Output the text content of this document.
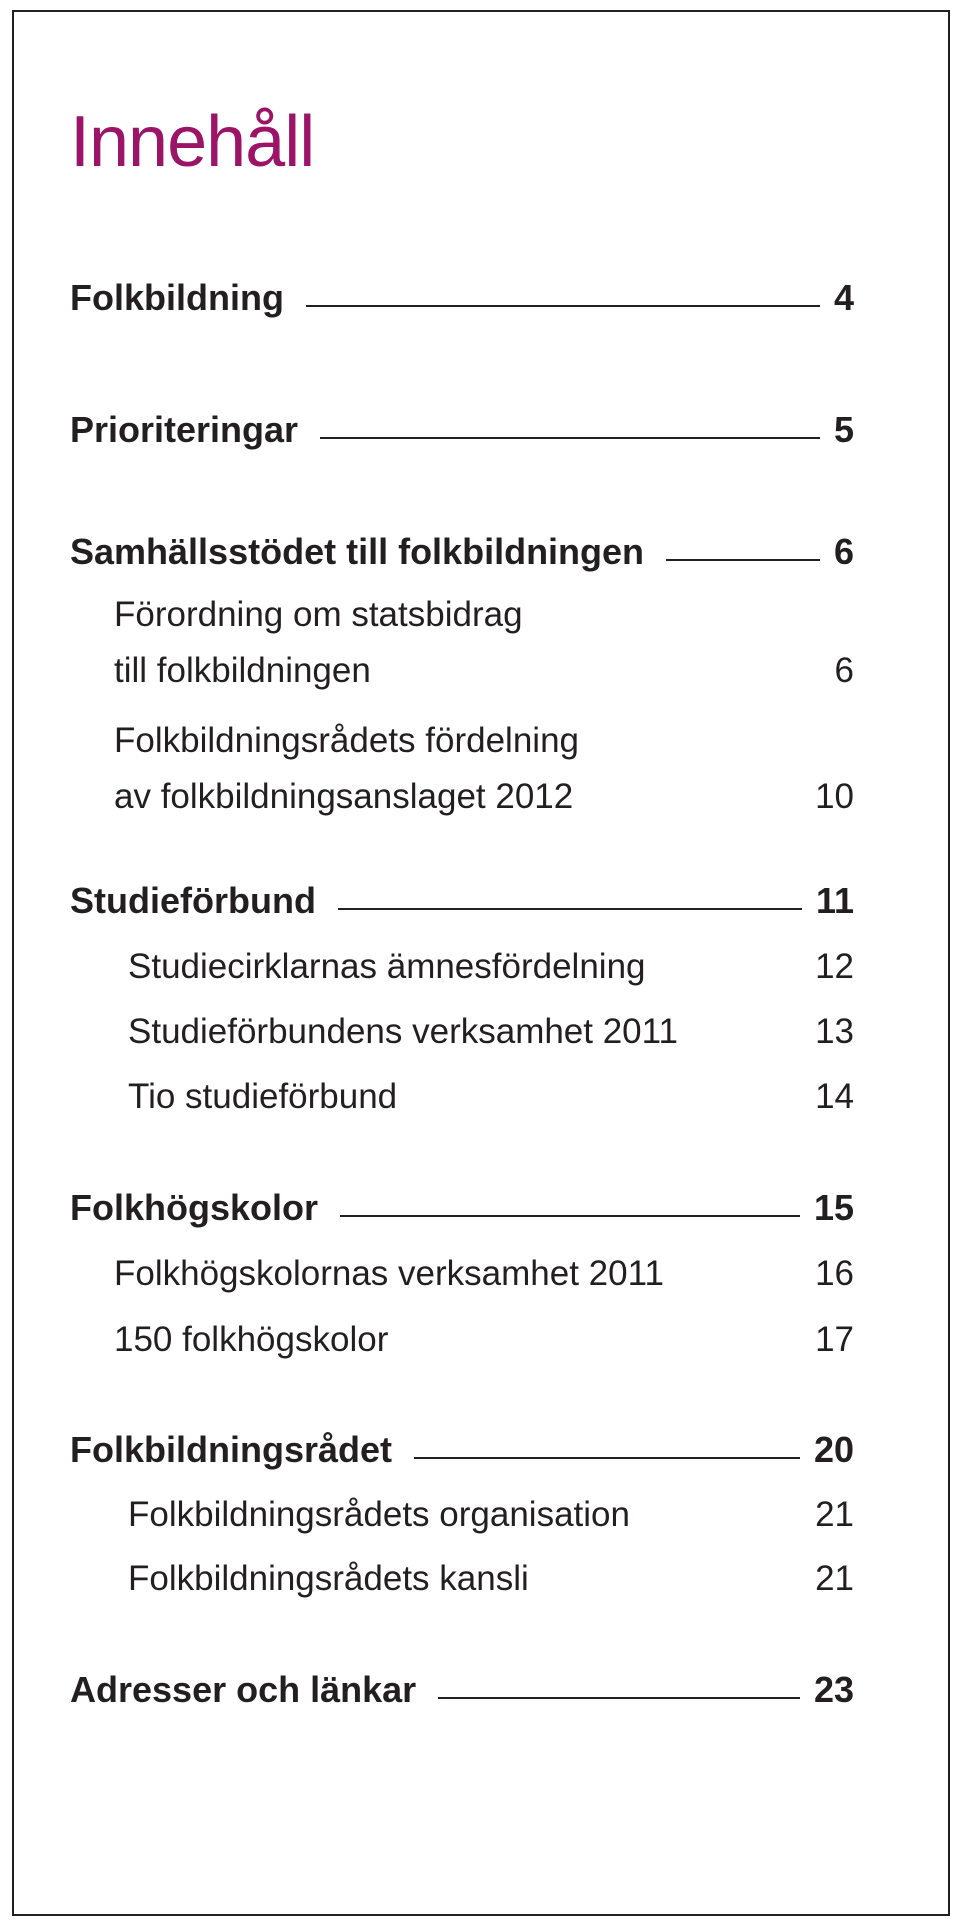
Innehåll
Folkbildning	4
Prioriteringar	5
Samhällsstödet till folkbildningen	6
Förordning om statsbidrag
till folkbildningen	6
Folkbildningsrådets fördelning
av folkbildningsanslaget 2012	10
Studieförbund	11
Studiecirklarnas ämnesfördelning	12
Studieförbundens verksamhet 2011	13
Tio studieförbund	14
Folkhögskolor	15
Folkhögskolornas verksamhet 2011	16
150 folkhögskolor	17
Folkbildningsrådet	20
Folkbildningsrådets organisation	21
Folkbildningsrådets kansli	21
Adresser och länkar	23
